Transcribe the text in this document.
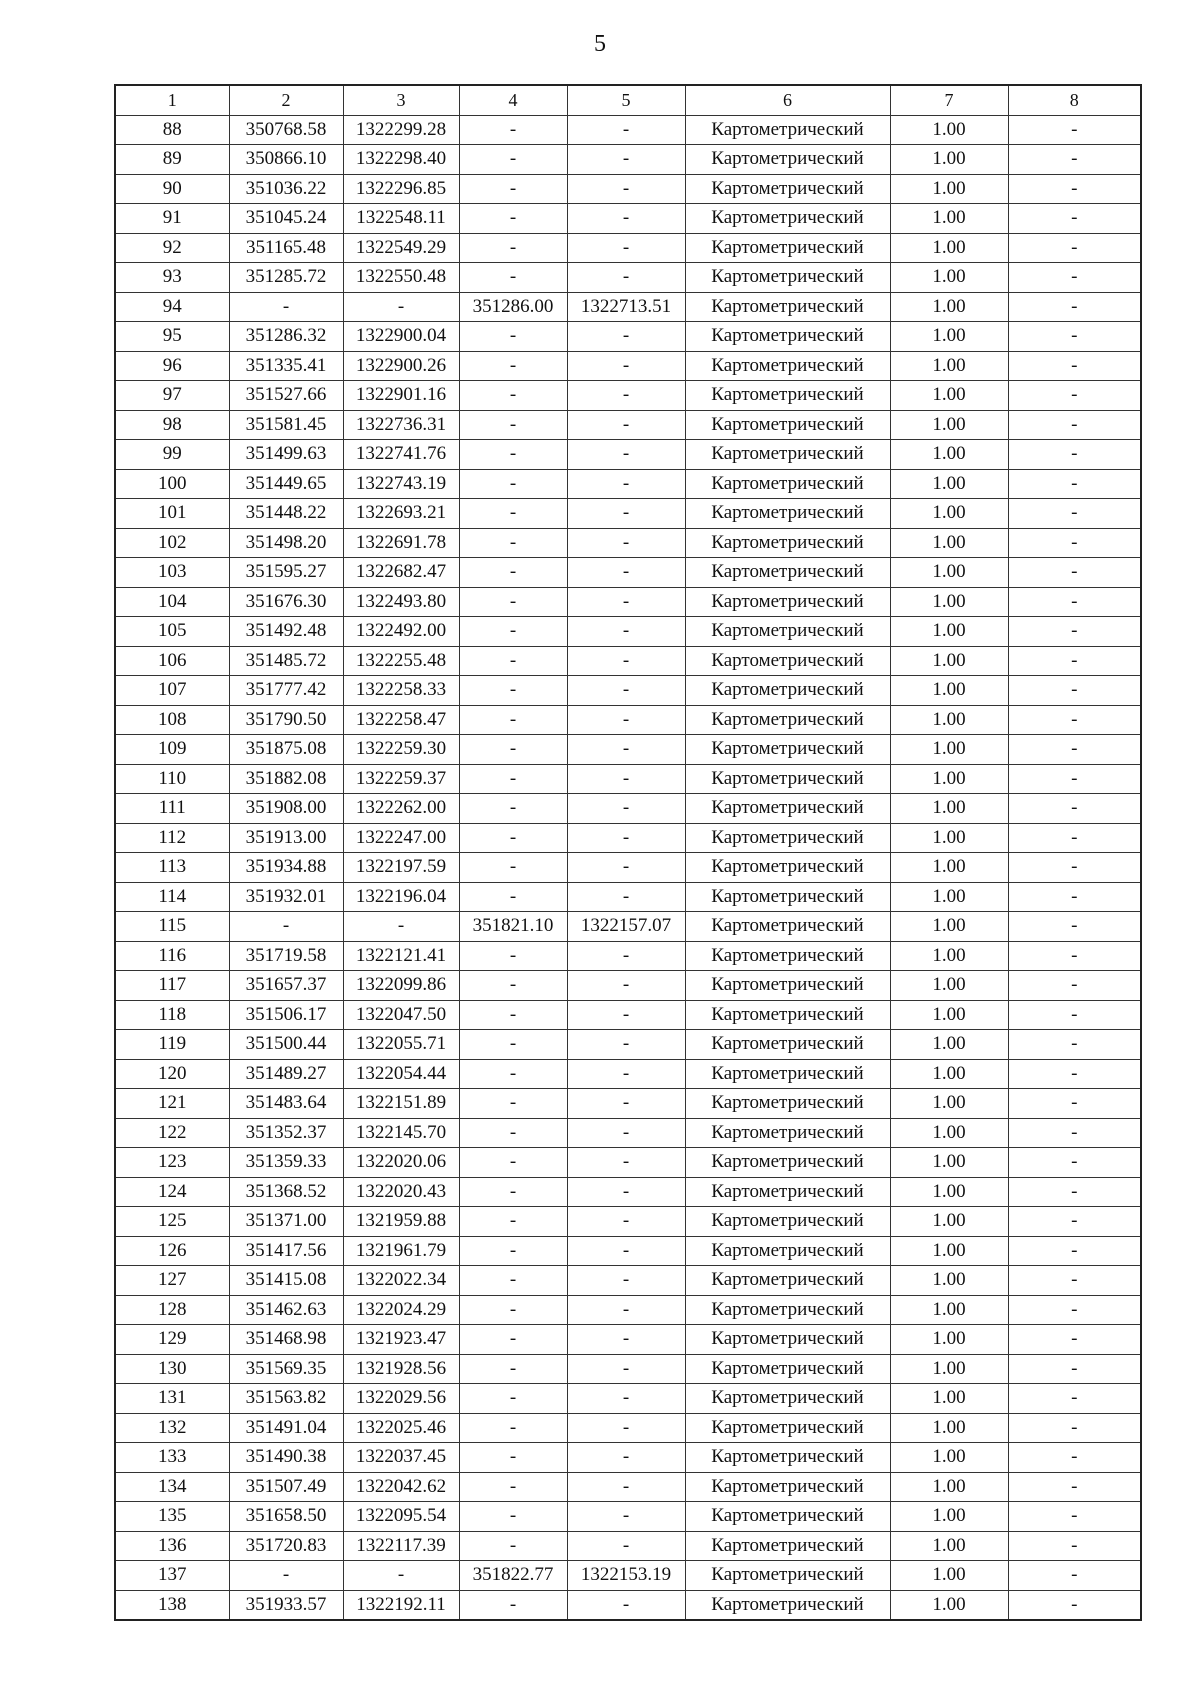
5
1	2	3	4	5	6	7	8
88	350768.58	1322299.28	-	-	Картометрический	1.00	-
89	350866.10	1322298.40	-	-	Картометрический	1.00	-
90	351036.22	1322296.85	-	-	Картометрический	1.00	-
91	351045.24	1322548.11	-	-	Картометрический	1.00	-
92	351165.48	1322549.29	-	-	Картометрический	1.00	-
93	351285.72	1322550.48	-	-	Картометрический	1.00	-
94	-	-	351286.00	1322713.51	Картометрический	1.00	-
95	351286.32	1322900.04	-	-	Картометрический	1.00	-
96	351335.41	1322900.26	-	-	Картометрический	1.00	-
97	351527.66	1322901.16	-	-	Картометрический	1.00	-
98	351581.45	1322736.31	-	-	Картометрический	1.00	-
99	351499.63	1322741.76	-	-	Картометрический	1.00	-
100	351449.65	1322743.19	-	-	Картометрический	1.00	-
101	351448.22	1322693.21	-	-	Картометрический	1.00	-
102	351498.20	1322691.78	-	-	Картометрический	1.00	-
103	351595.27	1322682.47	-	-	Картометрический	1.00	-
104	351676.30	1322493.80	-	-	Картометрический	1.00	-
105	351492.48	1322492.00	-	-	Картометрический	1.00	-
106	351485.72	1322255.48	-	-	Картометрический	1.00	-
107	351777.42	1322258.33	-	-	Картометрический	1.00	-
108	351790.50	1322258.47	-	-	Картометрический	1.00	-
109	351875.08	1322259.30	-	-	Картометрический	1.00	-
110	351882.08	1322259.37	-	-	Картометрический	1.00	-
111	351908.00	1322262.00	-	-	Картометрический	1.00	-
112	351913.00	1322247.00	-	-	Картометрический	1.00	-
113	351934.88	1322197.59	-	-	Картометрический	1.00	-
114	351932.01	1322196.04	-	-	Картометрический	1.00	-
115	-	-	351821.10	1322157.07	Картометрический	1.00	-
116	351719.58	1322121.41	-	-	Картометрический	1.00	-
117	351657.37	1322099.86	-	-	Картометрический	1.00	-
118	351506.17	1322047.50	-	-	Картометрический	1.00	-
119	351500.44	1322055.71	-	-	Картометрический	1.00	-
120	351489.27	1322054.44	-	-	Картометрический	1.00	-
121	351483.64	1322151.89	-	-	Картометрический	1.00	-
122	351352.37	1322145.70	-	-	Картометрический	1.00	-
123	351359.33	1322020.06	-	-	Картометрический	1.00	-
124	351368.52	1322020.43	-	-	Картометрический	1.00	-
125	351371.00	1321959.88	-	-	Картометрический	1.00	-
126	351417.56	1321961.79	-	-	Картометрический	1.00	-
127	351415.08	1322022.34	-	-	Картометрический	1.00	-
128	351462.63	1322024.29	-	-	Картометрический	1.00	-
129	351468.98	1321923.47	-	-	Картометрический	1.00	-
130	351569.35	1321928.56	-	-	Картометрический	1.00	-
131	351563.82	1322029.56	-	-	Картометрический	1.00	-
132	351491.04	1322025.46	-	-	Картометрический	1.00	-
133	351490.38	1322037.45	-	-	Картометрический	1.00	-
134	351507.49	1322042.62	-	-	Картометрический	1.00	-
135	351658.50	1322095.54	-	-	Картометрический	1.00	-
136	351720.83	1322117.39	-	-	Картометрический	1.00	-
137	-	-	351822.77	1322153.19	Картометрический	1.00	-
138	351933.57	1322192.11	-	-	Картометрический	1.00	-
